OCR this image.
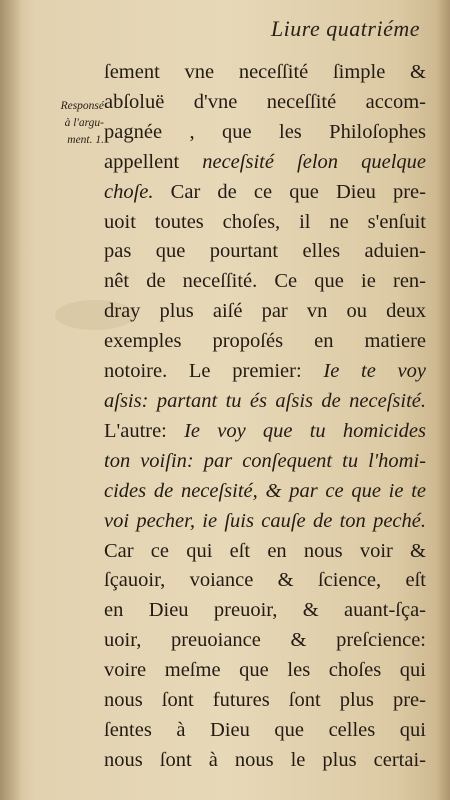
Liure quatriéme
Responsé
à l'argu-
ment. 1.
ſement vne neceſſité ſimple &
abſoluë d'vne neceſſité accom-
pagnée , que les Philoſophes
appellent neceſsité ſelon quelque
choſe. Car de ce que Dieu pre-
uoit toutes choſes, il ne s'enſuit
pas que pourtant elles aduien-
nêt de neceſſité. Ce que ie ren-
dray plus aiſé par vn ou deux
exemples propoſés en matiere
notoire. Le premier: Ie te voy
aſsis: partant tu és aſsis de neceſsité.
L'autre: Ie voy que tu homicides
ton voiſin: par conſequent tu l'homi-
cides de neceſsité, & par ce que ie te
voi pecher, ie ſuis cauſe de ton peché.
Car ce qui eſt en nous voir &
ſçauoir, voiance & ſcience, eſt
en Dieu preuoir, & auant-ſça-
uoir, preuoiance & preſcience:
voire meſme que les choſes qui
nous ſont futures ſont plus pre-
ſentes à Dieu que celles qui
nous ſont à nous le plus certai-
